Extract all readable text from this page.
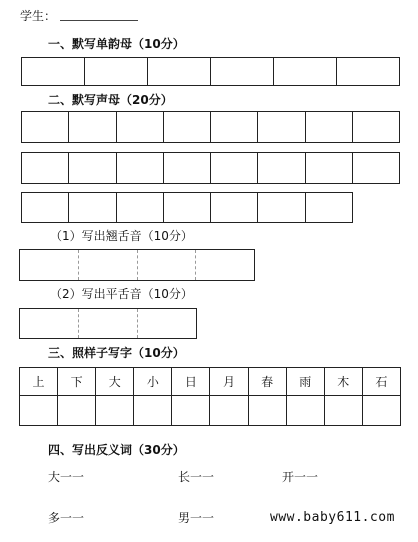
学生：
一、默写单韵母（10分）
二、默写声母（20分）
（1）写出翘舌音（10分）
（2）写出平舌音（10分）
三、照样子写字（10分）
上	下	大	小	日	月	春	雨	木	石

四、写出反义词（30分）
大一一	长一一	开一一
多一一	男一一	www.baby611.com
